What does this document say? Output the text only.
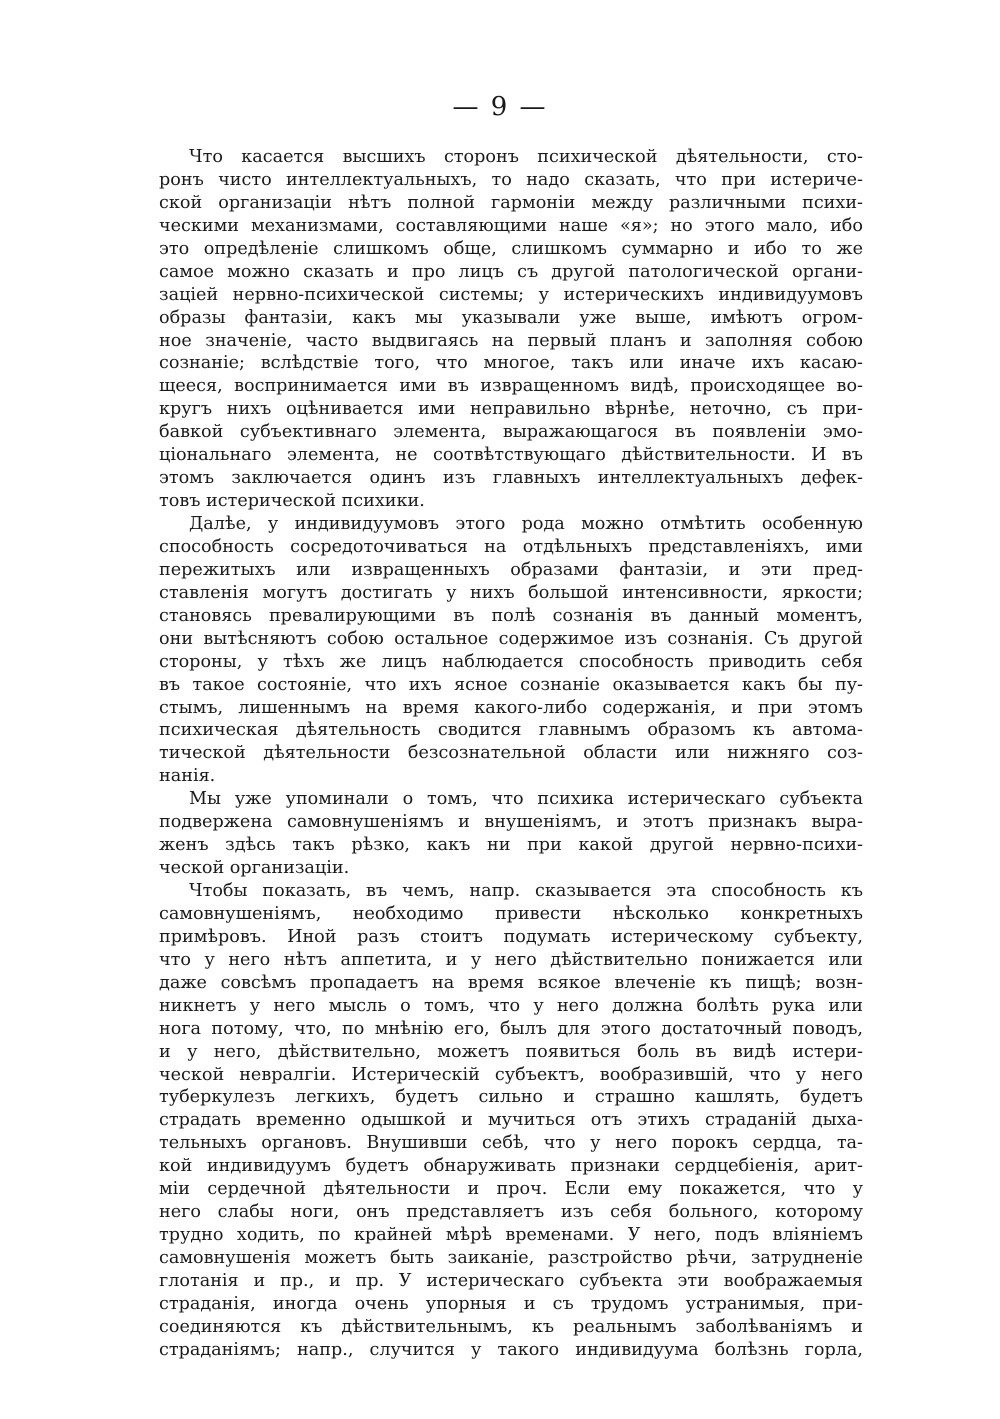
— 9 —
Что касается высшихъ сторонъ психической дѣятельности, сто-
ронъ чисто интеллектуальныхъ, то надо сказать, что при истериче-
ской организаціи нѣтъ полной гармоніи между различными психи-
ческими механизмами, составляющими наше «я»; но этого мало, ибо
это опредѣленіе слишкомъ обще, слишкомъ суммарно и ибо то же
самое можно сказать и про лицъ съ другой патологической органи-
заціей нервно-психической системы; у истерическихъ индивидуумовъ
образы фантазіи, какъ мы указывали уже выше, имѣютъ огром-
ное значеніе, часто выдвигаясь на первый планъ и заполняя собою
сознаніе; вслѣдствіе того, что многое, такъ или иначе ихъ касаю-
щееся, воспринимается ими въ извращенномъ видѣ, происходящее во-
кругъ нихъ оцѣнивается ими неправильно вѣрнѣе, неточно, съ при-
бавкой субъективнаго элемента, выражающагося въ появленіи эмо-
ціональнаго элемента, не соотвѣтствующаго дѣйствительности. И въ
этомъ заключается одинъ изъ главныхъ интеллектуальныхъ дефек-
товъ истерической психики.
Далѣе, у индивидуумовъ этого рода можно отмѣтить особенную
способность сосредоточиваться на отдѣльныхъ представленіяхъ, ими
пережитыхъ или извращенныхъ образами фантазіи, и эти пред-
ставленія могутъ достигать у нихъ большой интенсивности, яркости;
становясь превалирующими въ полѣ сознанія въ данный моментъ,
они вытѣсняютъ собою остальное содержимое изъ сознанія. Съ другой
стороны, у тѣхъ же лицъ наблюдается способность приводить себя
въ такое состояніе, что ихъ ясное сознаніе оказывается какъ бы пу-
стымъ, лишеннымъ на время какого-либо содержанія, и при этомъ
психическая дѣятельность сводится главнымъ образомъ къ автома-
тической дѣятельности безсознательной области или нижняго соз-
нанія.
Мы уже упоминали о томъ, что психика истерическаго субъекта
подвержена самовнушеніямъ и внушеніямъ, и этотъ признакъ выра-
женъ здѣсь такъ рѣзко, какъ ни при какой другой нервно-психи-
ческой организаціи.
Чтобы показать, въ чемъ, напр. сказывается эта способность къ
самовнушеніямъ, необходимо привести нѣсколько конкретныхъ
примѣровъ. Иной разъ стоитъ подумать истерическому субъекту,
что у него нѣтъ аппетита, и у него дѣйствительно понижается или
даже совсѣмъ пропадаетъ на время всякое влеченіе къ пищѣ; возн-
никнетъ у него мысль о томъ, что у него должна болѣть рука или
нога потому, что, по мнѣнію его, былъ для этого достаточный поводъ,
и у него, дѣйствительно, можетъ появиться боль въ видѣ истери-
ческой невралгіи. Истерическій субъектъ, вообразившій, что у него
туберкулезъ легкихъ, будетъ сильно и страшно кашлять, будетъ
страдать временно одышкой и мучиться отъ этихъ страданій дыха-
тельныхъ органовъ. Внушивши себѣ, что у него порокъ сердца, та-
кой индивидуумъ будетъ обнаруживать признаки сердцебіенія, арит-
міи сердечной дѣятельности и проч. Если ему покажется, что у
него слабы ноги, онъ представляетъ изъ себя больного, которому
трудно ходить, по крайней мѣрѣ временами. У него, подъ вліяніемъ
самовнушенія можетъ быть заиканіе, разстройство рѣчи, затрудненіе
глотанія и пр., и пр. У истерическаго субъекта эти воображаемыя
страданія, иногда очень упорныя и съ трудомъ устранимыя, при-
соединяются къ дѣйствительнымъ, къ реальнымъ заболѣваніямъ и
страданіямъ; напр., случится у такого индивидуума болѣзнь горла,
